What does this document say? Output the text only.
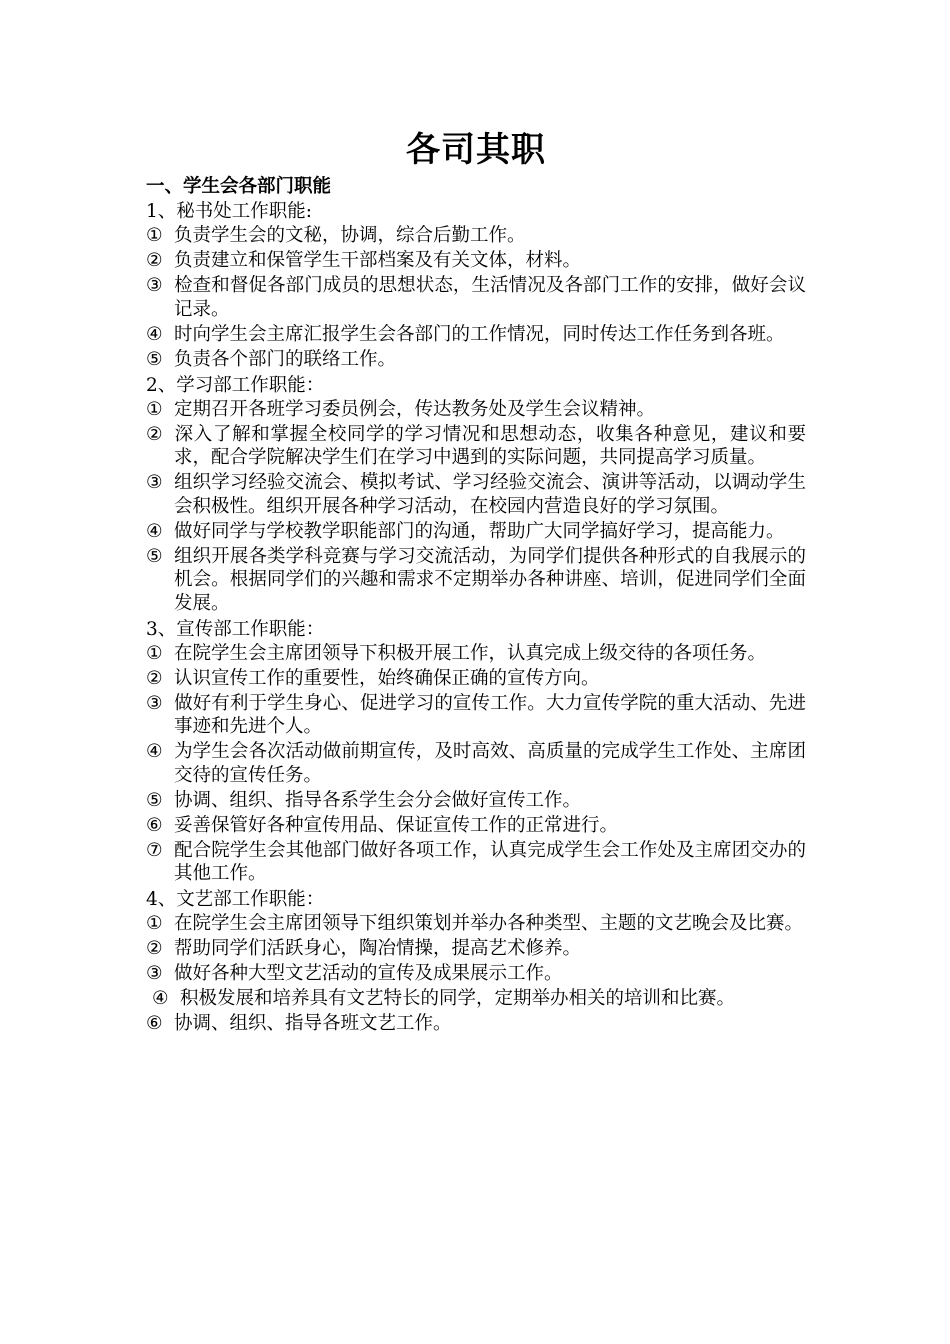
各司其职

一、学生会各部门职能

1、秘书处工作职能:

① 负责学生会的文秘，协调，综合后勤工作。

② 负责建立和保管学生干部档案及有关文体，材料。

③ 检查和督促各部门成员的思想状态，生活情况及各部门工作的安排，做好会议记录。

④ 时向学生会主席汇报学生会各部门的工作情况，同时传达工作任务到各班。

⑤ 负责各个部门的联络工作。

2、学习部工作职能：

① 定期召开各班学习委员例会，传达教务处及学生会议精神。

② 深入了解和掌握全校同学的学习情况和思想动态，收集各种意见，建议和要求，配合学院解决学生们在学习中遇到的实际问题，共同提高学习质量。

③ 组织学习经验交流会、模拟考试、学习经验交流会、演讲等活动，以调动学生会积极性。组织开展各种学习活动，在校园内营造良好的学习氛围。

④ 做好同学与学校教学职能部门的沟通，帮助广大同学搞好学习，提高能力。

⑤ 组织开展各类学科竞赛与学习交流活动，为同学们提供各种形式的自我展示的机会。根据同学们的兴趣和需求不定期举办各种讲座、培训，促进同学们全面发展。

3、宣传部工作职能：

① 在院学生会主席团领导下积极开展工作，认真完成上级交待的各项任务。

② 认识宣传工作的重要性，始终确保正确的宣传方向。

③ 做好有利于学生身心、促进学习的宣传工作。大力宣传学院的重大活动、先进事迹和先进个人。

④ 为学生会各次活动做前期宣传，及时高效、高质量的完成学生工作处、主席团交待的宣传任务。

⑤ 协调、组织、指导各系学生会分会做好宣传工作。

⑥ 妥善保管好各种宣传用品、保证宣传工作的正常进行。

⑦ 配合院学生会其他部门做好各项工作，认真完成学生会工作处及主席团交办的其他工作。

4、文艺部工作职能：

① 在院学生会主席团领导下组织策划并举办各种类型、主题的文艺晚会及比赛。

② 帮助同学们活跃身心，陶冶情操，提高艺术修养。

③ 做好各种大型文艺活动的宣传及成果展示工作。

④ 积极发展和培养具有文艺特长的同学，定期举办相关的培训和比赛。

⑥ 协调、组织、指导各班文艺工作。
